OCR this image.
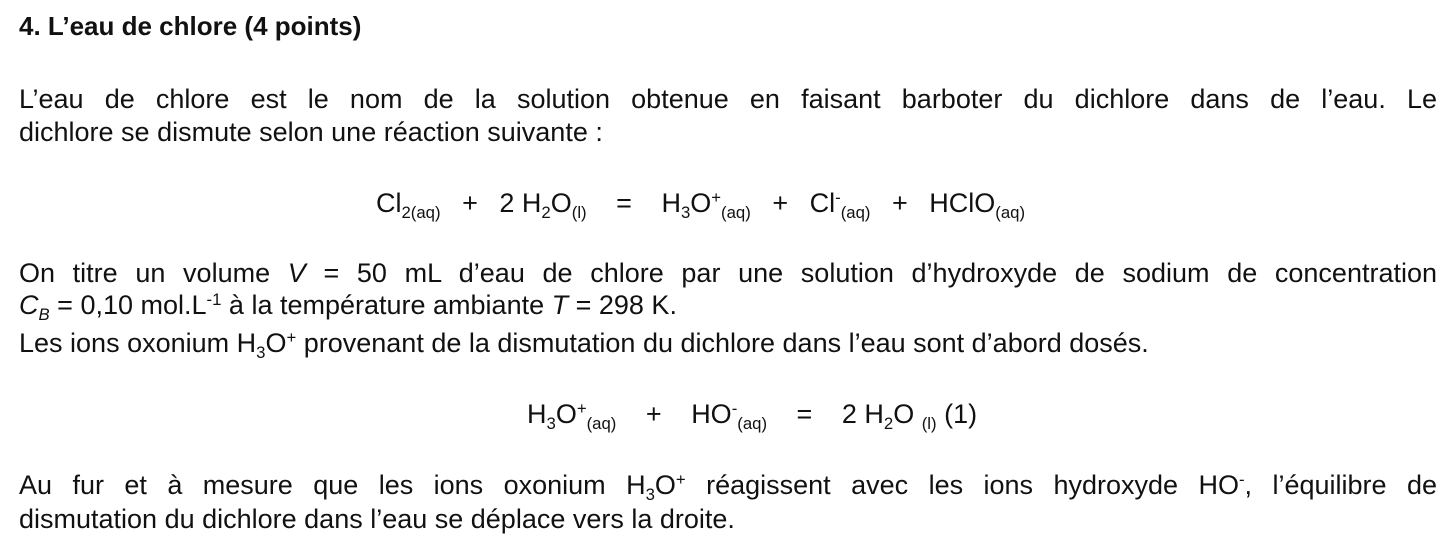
4. L’eau de chlore (4 points)
L’eau de chlore est le nom de la solution obtenue en faisant barboter du dichlore dans de l’eau. Le
dichlore se dismute selon une réaction suivante :
$Cl_{2(aq)} + 2$ $H_2O_{(l)} = H_3O^+_{(aq)} + Cl^-_{(aq)}$ + HClO$_{(aq)}$
On titre un volume V = 50 mL d’eau de chlore par une solution d’hydroxyde de sodium de concentration
$C_B = 0,10$ $mol.L^{-1}$ à la température ambiante T = 298 K.
Les ions oxonium $H_3O^+$ provenant de la dismutation du dichlore dans l’eau sont d’abord dosés.
$H_3O^+_{(aq)} + HO^-_{(aq)} = 2$ $H_2O$ $_{(l)}$ (1)
Au fur et à mesure que les ions oxonium $H_3O^+$ réagissent avec les ions hydroxyde HO-, l’équilibre de
dismutation du dichlore dans l’eau se déplace vers la droite.
